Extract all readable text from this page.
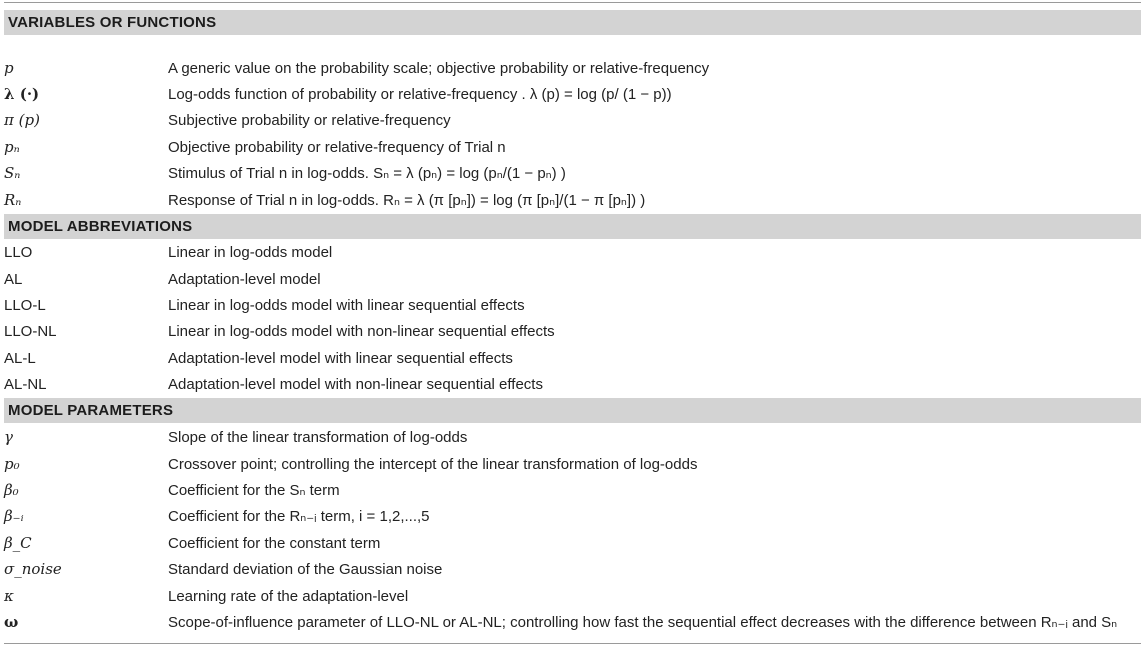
VARIABLES OR FUNCTIONS
p	A generic value on the probability scale; objective probability or relative-frequency
λ (·)	Log-odds function of probability or relative-frequency . λ (p) = log (p/ (1 − p))
π (p)	Subjective probability or relative-frequency
pₙ	Objective probability or relative-frequency of Trial n
Sₙ	Stimulus of Trial n in log-odds. Sₙ = λ (pₙ) = log (pₙ/(1 − pₙ) )
Rₙ	Response of Trial n in log-odds. Rₙ = λ (π [pₙ]) = log (π [pₙ]/(1 − π [pₙ]) )
MODEL ABBREVIATIONS
LLO	Linear in log-odds model
AL	Adaptation-level model
LLO-L	Linear in log-odds model with linear sequential effects
LLO-NL	Linear in log-odds model with non-linear sequential effects
AL-L	Adaptation-level model with linear sequential effects
AL-NL	Adaptation-level model with non-linear sequential effects
MODEL PARAMETERS
γ	Slope of the linear transformation of log-odds
p₀	Crossover point; controlling the intercept of the linear transformation of log-odds
β₀	Coefficient for the Sₙ term
β₋ᵢ	Coefficient for the Rₙ₋ᵢ term, i = 1,2,...,5
β_C	Coefficient for the constant term
σ_noise	Standard deviation of the Gaussian noise
κ	Learning rate of the adaptation-level
ω	Scope-of-influence parameter of LLO-NL or AL-NL; controlling how fast the sequential effect decreases with the difference between Rₙ₋ᵢ and Sₙ
